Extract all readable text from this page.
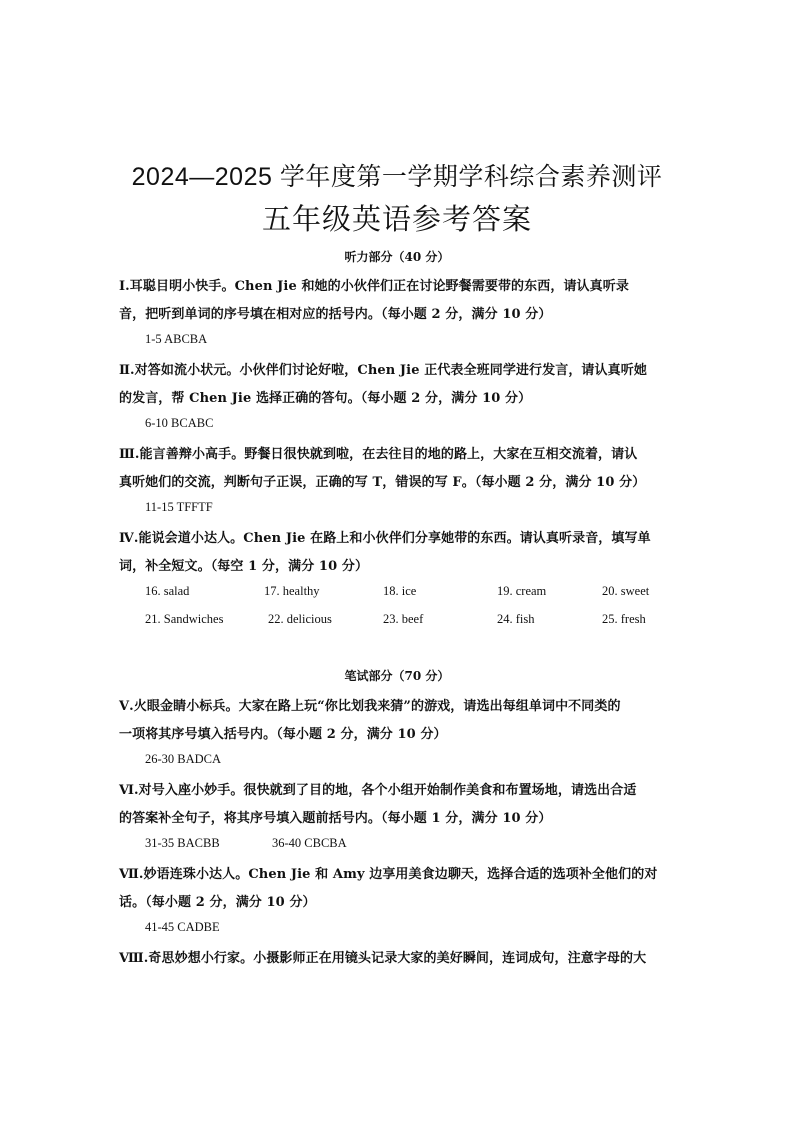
2024—2025 学年度第一学期学科综合素养测评
五年级英语参考答案
听力部分（40 分）
Ⅰ.耳聪目明小快手。Chen Jie 和她的小伙伴们正在讨论野餐需要带的东西，请认真听录
音，把听到单词的序号填在相对应的括号内。（每小题 2 分，满分 10 分）
1-5 ABCBA
Ⅱ.对答如流小状元。小伙伴们讨论好啦，Chen Jie 正代表全班同学进行发言，请认真听她
的发言，帮 Chen Jie 选择正确的答句。（每小题 2 分，满分 10 分）
6-10 BCABC
Ⅲ.能言善辩小高手。野餐日很快就到啦，在去往目的地的路上，大家在互相交流着，请认
真听她们的交流，判断句子正误，正确的写 T，错误的写 F。（每小题 2 分，满分 10 分）
11-15 TFFTF
Ⅳ.能说会道小达人。Chen Jie 在路上和小伙伴们分享她带的东西。请认真听录音，填写单
词，补全短文。（每空 1 分，满分 10 分）
16. salad	17. healthy	18. ice	19. cream	20. sweet
21. Sandwiches	22. delicious	23. beef	24. fish	25. fresh
笔试部分（70 分）
Ⅴ.火眼金睛小标兵。大家在路上玩“你比划我来猜”的游戏，请选出每组单词中不同类的
一项将其序号填入括号内。（每小题 2 分，满分 10 分）
26-30 BADCA
Ⅵ.对号入座小妙手。很快就到了目的地，各个小组开始制作美食和布置场地，请选出合适
的答案补全句子，将其序号填入题前括号内。（每小题 1 分，满分 10 分）
31-35 BACBB	36-40 CBCBA
Ⅶ.妙语连珠小达人。Chen Jie 和 Amy 边享用美食边聊天，选择合适的选项补全他们的对
话。（每小题 2 分，满分 10 分）
41-45 CADBE
Ⅷ.奇思妙想小行家。小摄影师正在用镜头记录大家的美好瞬间，连词成句，注意字母的大
